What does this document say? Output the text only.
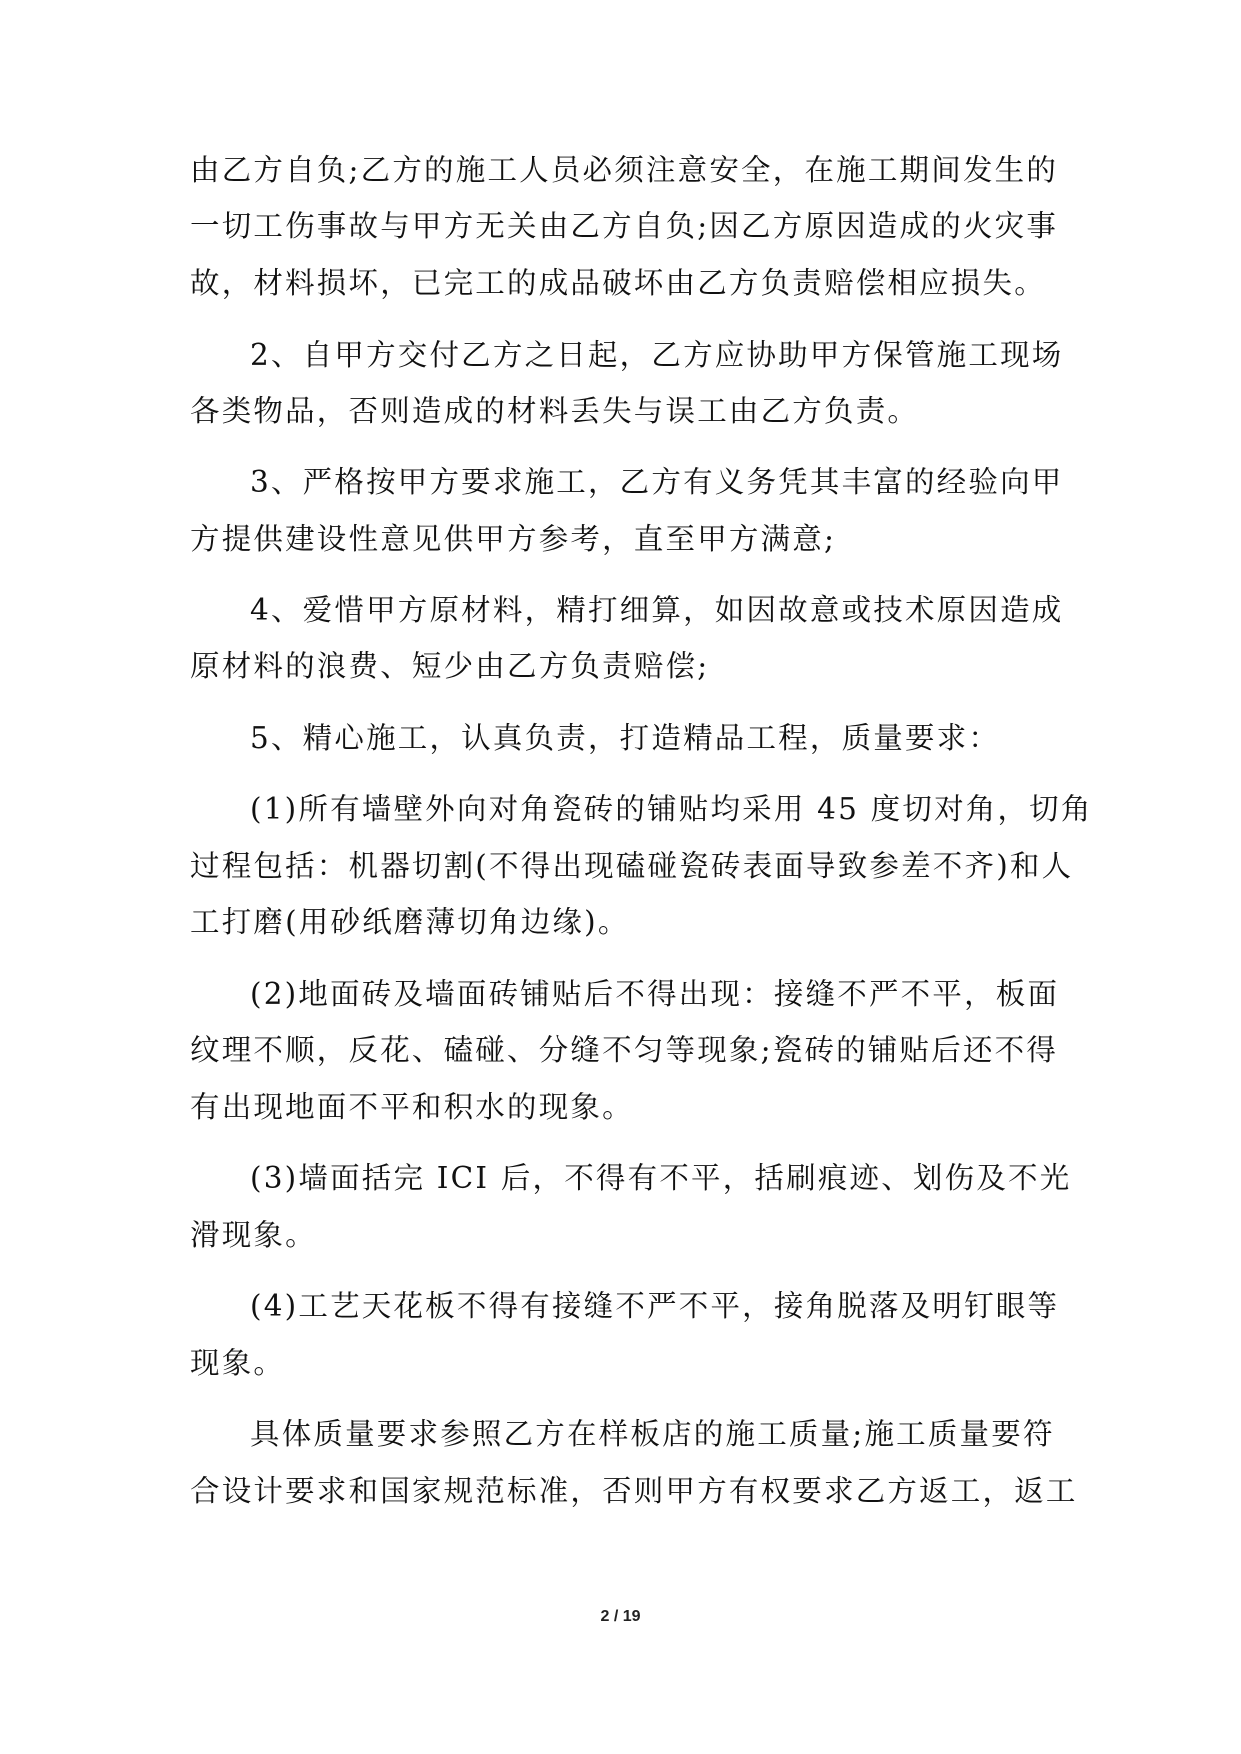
由乙方自负;乙方的施工人员必须注意安全，在施工期间发生的
一切工伤事故与甲方无关由乙方自负;因乙方原因造成的火灾事
故，材料损坏，已完工的成品破坏由乙方负责赔偿相应损失。
2、自甲方交付乙方之日起，乙方应协助甲方保管施工现场
各类物品，否则造成的材料丢失与误工由乙方负责。
3、严格按甲方要求施工，乙方有义务凭其丰富的经验向甲
方提供建设性意见供甲方参考，直至甲方满意;
4、爱惜甲方原材料，精打细算，如因故意或技术原因造成
原材料的浪费、短少由乙方负责赔偿;
5、精心施工，认真负责，打造精品工程，质量要求：
(1)所有墙壁外向对角瓷砖的铺贴均采用 45 度切对角，切角
过程包括：机器切割(不得出现磕碰瓷砖表面导致参差不齐)和人
工打磨(用砂纸磨薄切角边缘)。
(2)地面砖及墙面砖铺贴后不得出现：接缝不严不平，板面
纹理不顺，反花、磕碰、分缝不匀等现象;瓷砖的铺贴后还不得
有出现地面不平和积水的现象。
(3)墙面括完 ICI 后，不得有不平，括刷痕迹、划伤及不光
滑现象。
(4)工艺天花板不得有接缝不严不平，接角脱落及明钉眼等
现象。
具体质量要求参照乙方在样板店的施工质量;施工质量要符
合设计要求和国家规范标准，否则甲方有权要求乙方返工，返工
2 / 19
